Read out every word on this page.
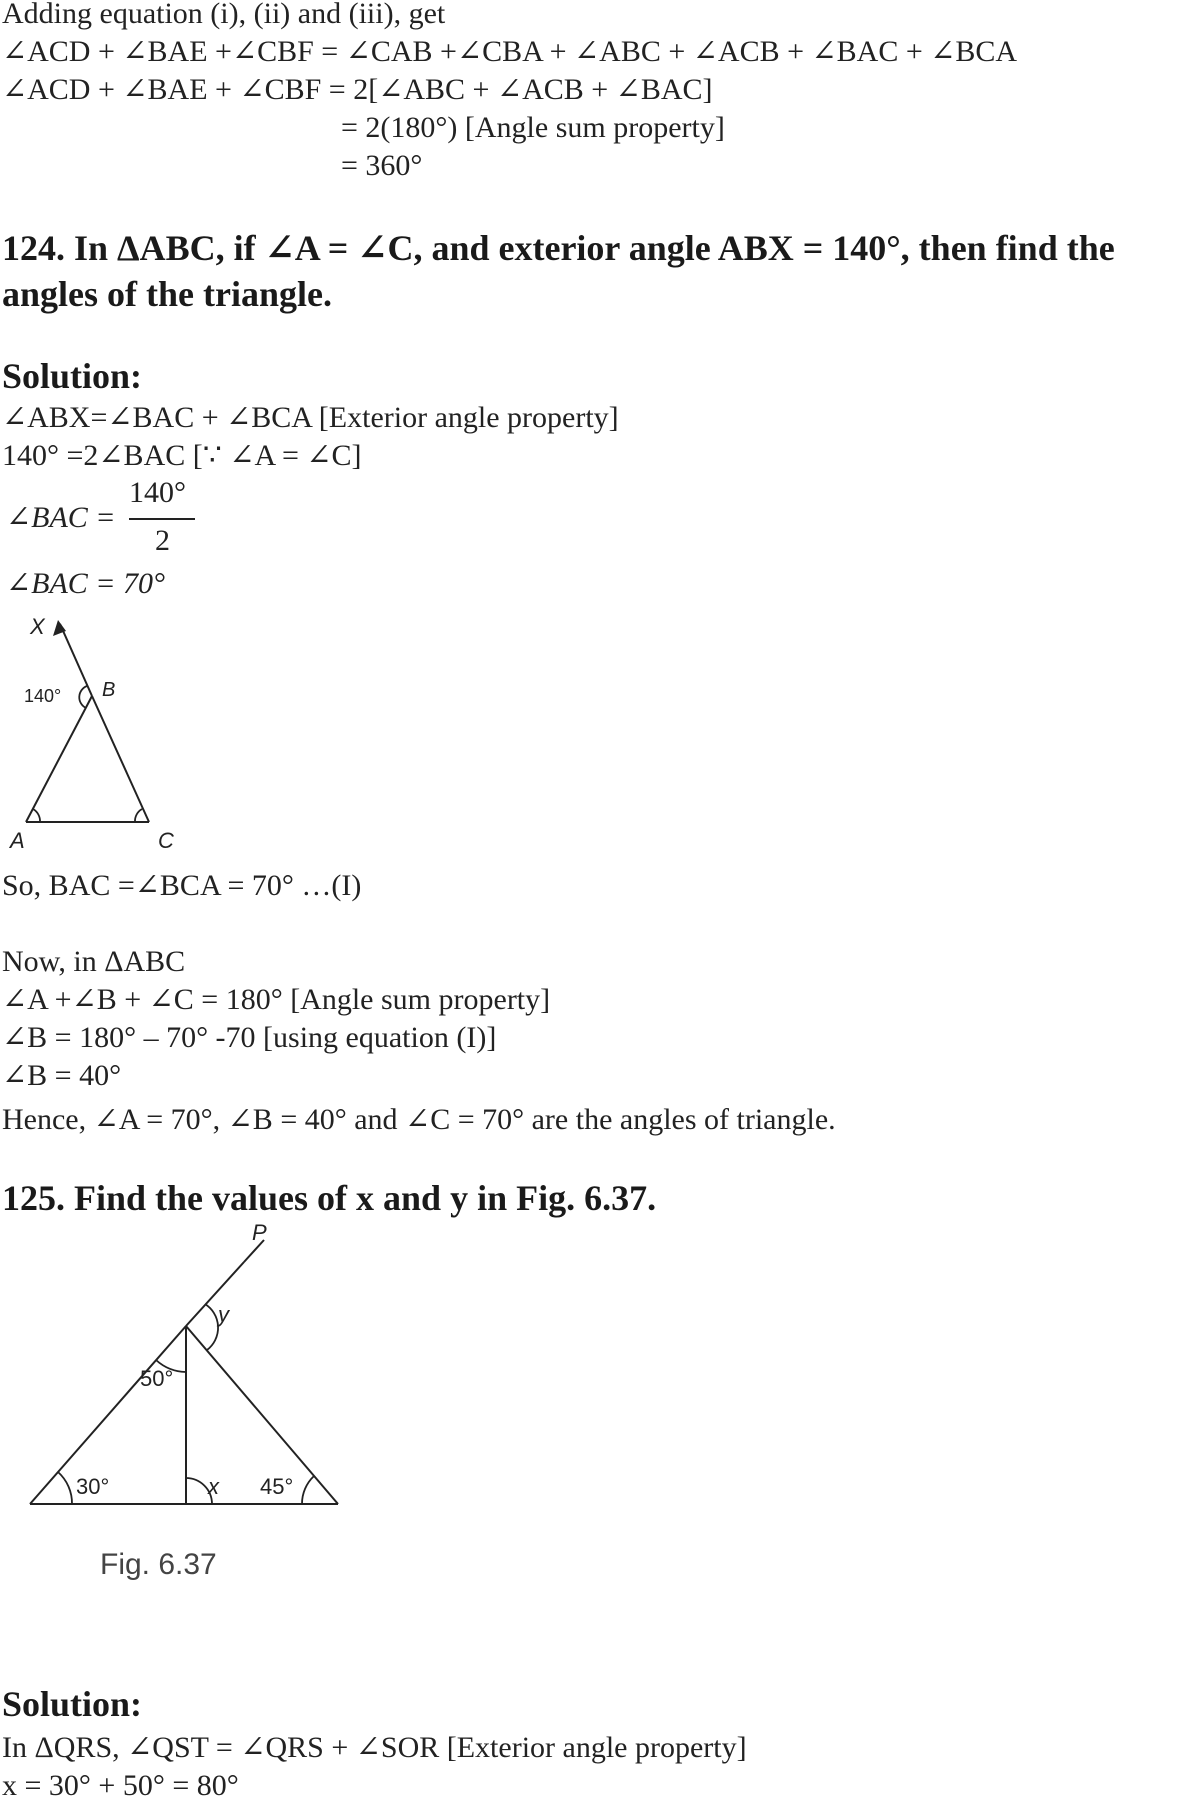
Adding equation (i), (ii) and (iii), get
∠ACD + ∠BAE +∠CBF = ∠CAB +∠CBA + ∠ABC + ∠ACB + ∠BAC + ∠BCA
∠ACD + ∠BAE + ∠CBF = 2[∠ABC + ∠ACB + ∠BAC]
= 2(180°) [Angle sum property]
= 360°
124. In ΔABC, if ∠A = ∠C, and exterior angle ABX = 140°, then find the
angles of the triangle.
Solution:
∠ABX=∠BAC + ∠BCA [Exterior angle property]
140° =2∠BAC [∵ ∠A = ∠C]
∠BAC =
140°
2
∠BAC = 70°
X
B
140°
A	C
So, BAC =∠BCA = 70° …(I)
Now, in ΔABC
∠A +∠B + ∠C = 180° [Angle sum property]
∠B = 180° – 70° -70 [using equation (I)]
∠B = 40°
Hence, ∠A = 70°, ∠B = 40° and ∠C = 70° are the angles of triangle.
125. Find the values of x and y in Fig. 6.37.
P
y
50°
30°	x 45°
Fig. 6.37
Solution:
In ΔQRS, ∠QST = ∠QRS + ∠SOR [Exterior angle property]
x = 30° + 50° = 80°
